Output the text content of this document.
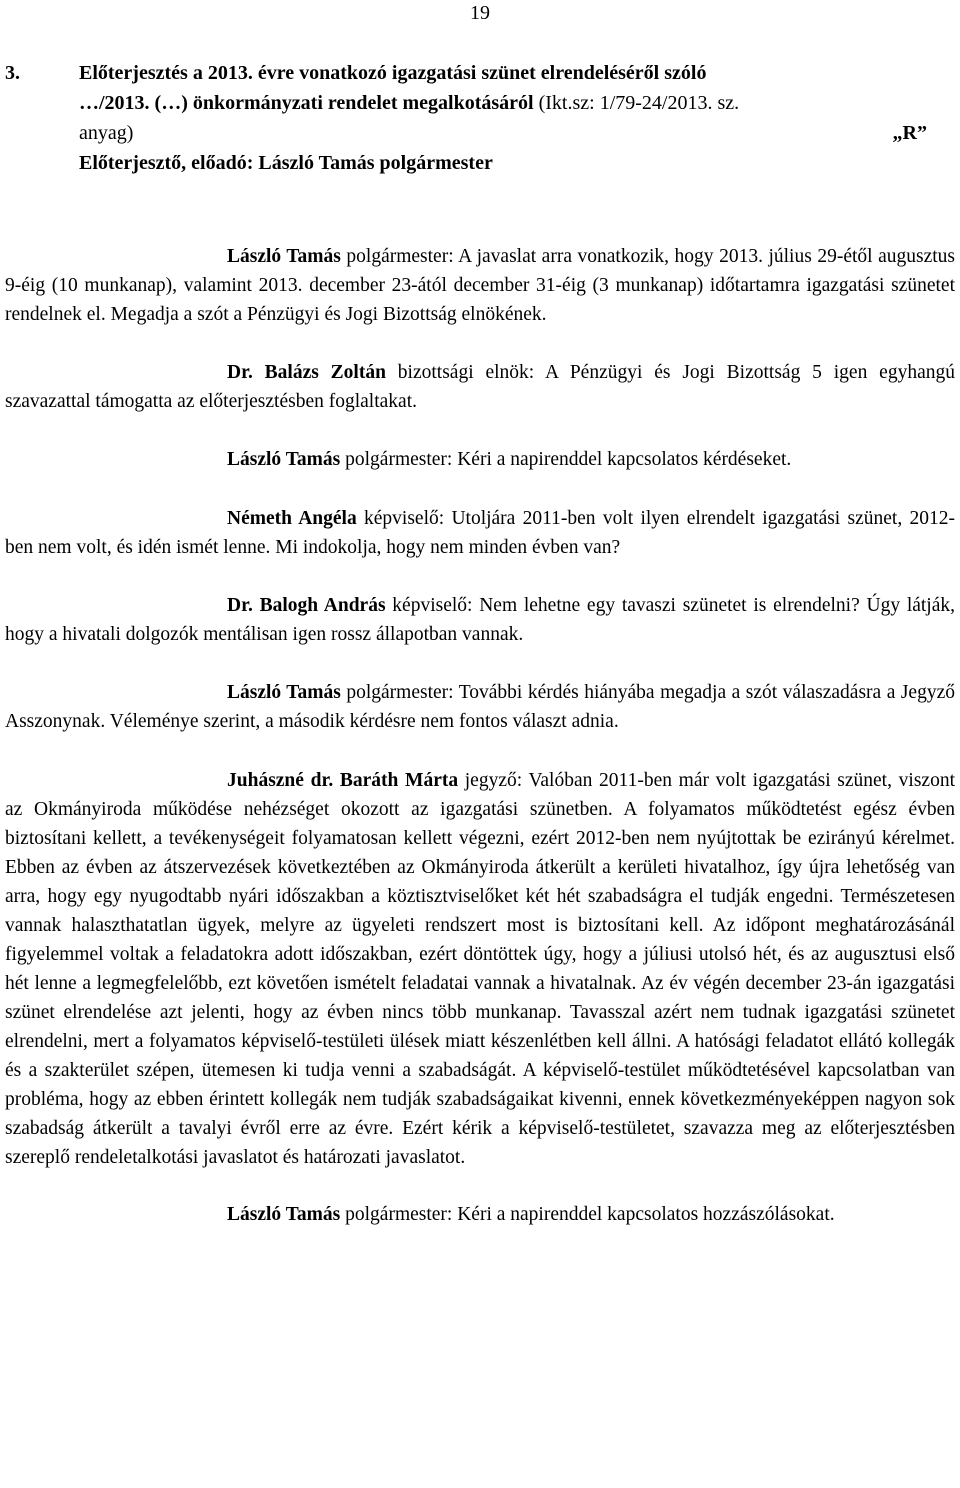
19

3.	Előterjesztés a 2013. évre vonatkozó igazgatási szünet elrendeléséről szóló

…/2013. (…) önkormányzati rendelet megalkotásáról (Ikt.sz: 1/79-24/2013. sz.

anyag)	„R”

Előterjesztő, előadó: László Tamás polgármester

László Tamás polgármester: A javaslat arra vonatkozik, hogy 2013. július 29-étől augusztus 9-éig (10 munkanap), valamint 2013. december 23-ától december 31-éig (3 munkanap) időtartamra igazgatási szünetet rendelnek el. Megadja a szót a Pénzügyi és Jogi Bizottság elnökének.

Dr. Balázs Zoltán bizottsági elnök: A Pénzügyi és Jogi Bizottság 5 igen egyhangú szavazattal támogatta az előterjesztésben foglaltakat.

László Tamás polgármester: Kéri a napirenddel kapcsolatos kérdéseket.

Németh Angéla képviselő: Utoljára 2011-ben volt ilyen elrendelt igazgatási szünet, 2012-ben nem volt, és idén ismét lenne. Mi indokolja, hogy nem minden évben van?

Dr. Balogh András képviselő: Nem lehetne egy tavaszi szünetet is elrendelni? Úgy látják, hogy a hivatali dolgozók mentálisan igen rossz állapotban vannak.

László Tamás polgármester: További kérdés hiányába megadja a szót válaszadásra a Jegyző Asszonynak. Véleménye szerint, a második kérdésre nem fontos választ adnia.

Juhászné dr. Baráth Márta jegyző: Valóban 2011-ben már volt igazgatási szünet, viszont az Okmányiroda működése nehézséget okozott az igazgatási szünetben. A folyamatos működtetést egész évben biztosítani kellett, a tevékenységeit folyamatosan kellett végezni, ezért 2012-ben nem nyújtottak be ezirányú kérelmet. Ebben az évben az átszervezések következtében az Okmányiroda átkerült a kerületi hivatalhoz, így újra lehetőség van arra, hogy egy nyugodtabb nyári időszakban a köztisztviselőket két hét szabadságra el tudják engedni. Természetesen vannak halaszthatatlan ügyek, melyre az ügyeleti rendszert most is biztosítani kell. Az időpont meghatározásánál figyelemmel voltak a feladatokra adott időszakban, ezért döntöttek úgy, hogy a júliusi utolsó hét, és az augusztusi első hét lenne a legmegfelelőbb, ezt követően ismételt feladatai vannak a hivatalnak. Az év végén december 23-án igazgatási szünet elrendelése azt jelenti, hogy az évben nincs több munkanap. Tavasszal azért nem tudnak igazgatási szünetet elrendelni, mert a folyamatos képviselő-testületi ülések miatt készenlétben kell állni. A hatósági feladatot ellátó kollegák és a szakterület szépen, ütemesen ki tudja venni a szabadságát. A képviselő-testület működtetésével kapcsolatban van probléma, hogy az ebben érintett kollegák nem tudják szabadságaikat kivenni, ennek következményeképpen nagyon sok szabadság átkerült a tavalyi évről erre az évre. Ezért kérik a képviselő-testületet, szavazza meg az előterjesztésben szereplő rendeletalkotási javaslatot és határozati javaslatot.

László Tamás polgármester: Kéri a napirenddel kapcsolatos hozzászólásokat.
